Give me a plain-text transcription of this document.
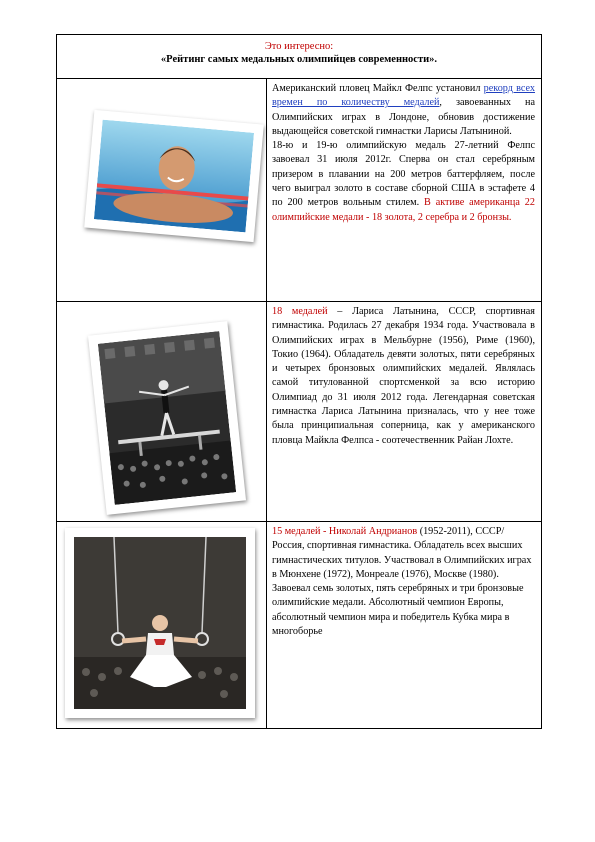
Это интересно:
«Рейтинг самых медальных олимпийцев современности».
Американский пловец Майкл Фелпс установил рекорд всех времен по количеству медалей, завоеванных на Олимпийских играх в Лондоне, обновив достижение выдающейся советской гимнастки Ларисы Латыниной.
18-ю и 19-ю олимпийскую медаль 27-летний Фелпс завоевал 31 июля 2012г. Сперва он стал серебряным призером в плавании на 200 метров баттерфляем, после чего выиграл золото в составе сборной США в эстафете 4 по 200 метров вольным стилем. В активе американца 22 олимпийские медали - 18 золота, 2 серебра и 2 бронзы.
18 медалей – Лариса Латынина, СССР, спортивная гимнастика. Родилась 27 декабря 1934 года. Участвовала в Олимпийских играх в Мельбурне (1956), Риме (1960), Токио (1964). Обладатель девяти золотых, пяти серебряных и четырех бронзовых олимпийских медалей. Являлась самой титулованной спортсменкой за всю историю Олимпиад до 31 июля 2012 года. Легендарная советская гимнастка Лариса Латынина призналась, что у нее тоже была принципиальная соперница, как у американского пловца Майкла Фелпса - соотечественник Райан Лохте.
15 медалей - Николай Андрианов (1952-2011), СССР/Россия, спортивная гимнастика. Обладатель всех высших гимнастических титулов. Участвовал в Олимпийских играх в Мюнхене (1972), Монреале (1976), Москве (1980). Завоевал семь золотых, пять серебряных и три бронзовые олимпийские медали. Абсолютный чемпион Европы, абсолютный чемпион мира и победитель Кубка мира в многоборье
